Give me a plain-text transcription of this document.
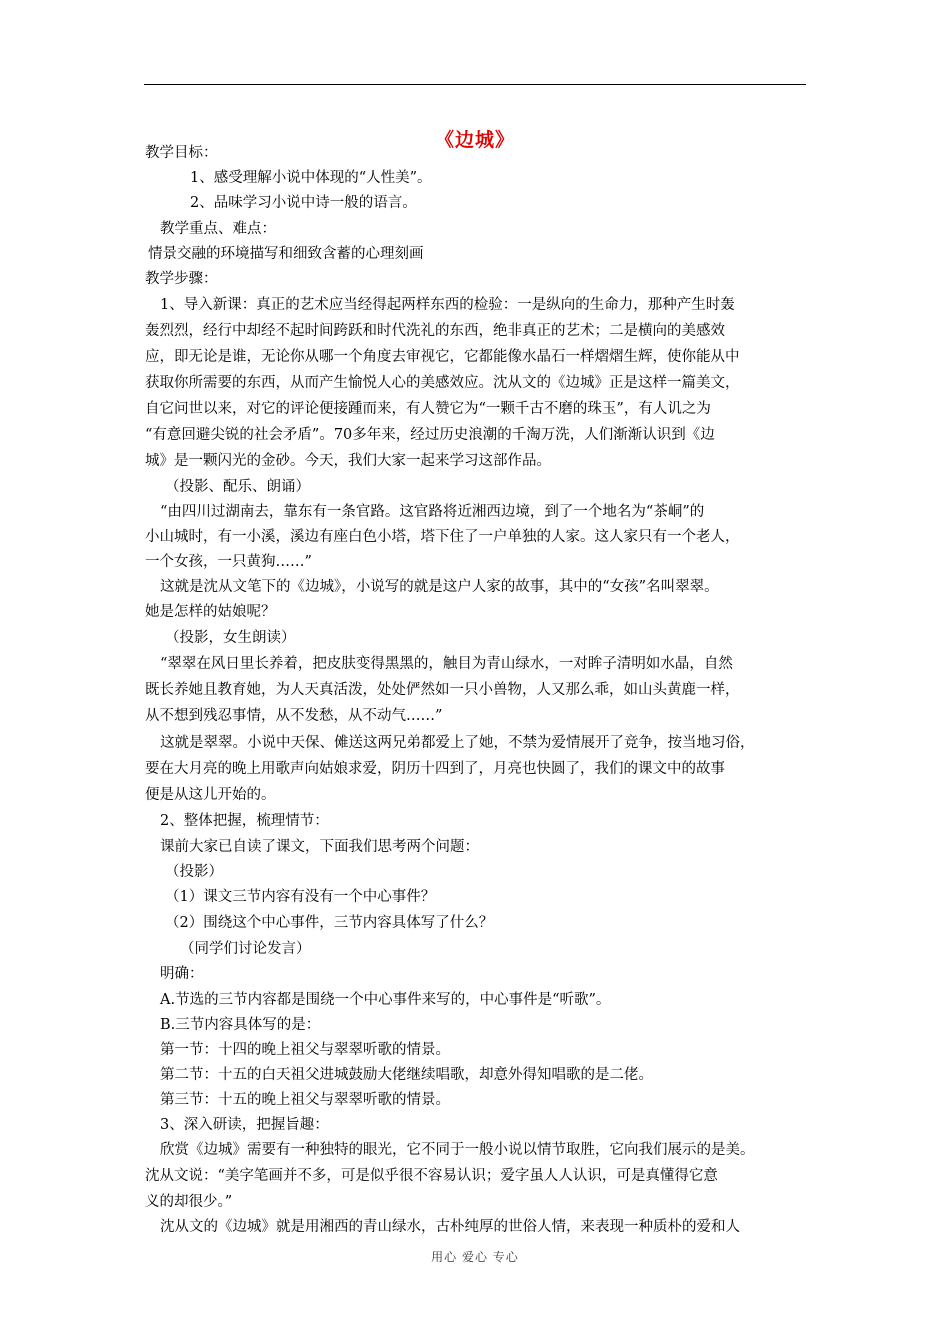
《边城》
教学目标：
1、感受理解小说中体现的“人性美”。
2、品味学习小说中诗一般的语言。
教学重点、难点：
情景交融的环境描写和细致含蓄的心理刻画
教学步骤：
1、导入新课：真正的艺术应当经得起两样东西的检验：一是纵向的生命力，那种产生时轰
轰烈烈，经行中却经不起时间跨跃和时代洗礼的东西，绝非真正的艺术；二是横向的美感效
应，即无论是谁，无论你从哪一个角度去审视它，它都能像水晶石一样熠熠生辉，使你能从中
获取你所需要的东西，从而产生愉悦人心的美感效应。沈从文的《边城》正是这样一篇美文，
自它问世以来，对它的评论便接踵而来，有人赞它为“一颗千古不磨的珠玉”，有人讥之为
“有意回避尖锐的社会矛盾”。70多年来，经过历史浪潮的千淘万洗，人们渐渐认识到《边
城》是一颗闪光的金砂。今天，我们大家一起来学习这部作品。
（投影、配乐、朗诵）
“由四川过湖南去，靠东有一条官路。这官路将近湘西边境，到了一个地名为“茶峒”的
小山城时，有一小溪，溪边有座白色小塔，塔下住了一户单独的人家。这人家只有一个老人，
一个女孩，一只黄狗……”
这就是沈从文笔下的《边城》，小说写的就是这户人家的故事，其中的“女孩”名叫翠翠。
她是怎样的姑娘呢？
（投影，女生朗读）
“翠翠在风日里长养着，把皮肤变得黑黑的，触目为青山绿水，一对眸子清明如水晶，自然
既长养她且教育她，为人天真活泼，处处俨然如一只小兽物，人又那么乖，如山头黄鹿一样，
从不想到残忍事情，从不发愁，从不动气……”
这就是翠翠。小说中天保、傩送这两兄弟都爱上了她，不禁为爱情展开了竞争，按当地习俗，
要在大月亮的晚上用歌声向姑娘求爱，阴历十四到了，月亮也快圆了，我们的课文中的故事
便是从这儿开始的。
2、整体把握，梳理情节：
课前大家已自读了课文，下面我们思考两个问题：
（投影）
（1）课文三节内容有没有一个中心事件？
（2）围绕这个中心事件，三节内容具体写了什么？
（同学们讨论发言）
明确：
A.节选的三节内容都是围绕一个中心事件来写的，中心事件是“听歌”。
B.三节内容具体写的是：
第一节：十四的晚上祖父与翠翠听歌的情景。
第二节：十五的白天祖父进城鼓励大佬继续唱歌，却意外得知唱歌的是二佬。
第三节：十五的晚上祖父与翠翠听歌的情景。
3、深入研读，把握旨趣：
欣赏《边城》需要有一种独特的眼光，它不同于一般小说以情节取胜，它向我们展示的是美。
沈从文说：“美字笔画并不多，可是似乎很不容易认识；爱字虽人人认识，可是真懂得它意
义的却很少。”
沈从文的《边城》就是用湘西的青山绿水，古朴纯厚的世俗人情，来表现一种质朴的爱和人
用心 爱心 专心
